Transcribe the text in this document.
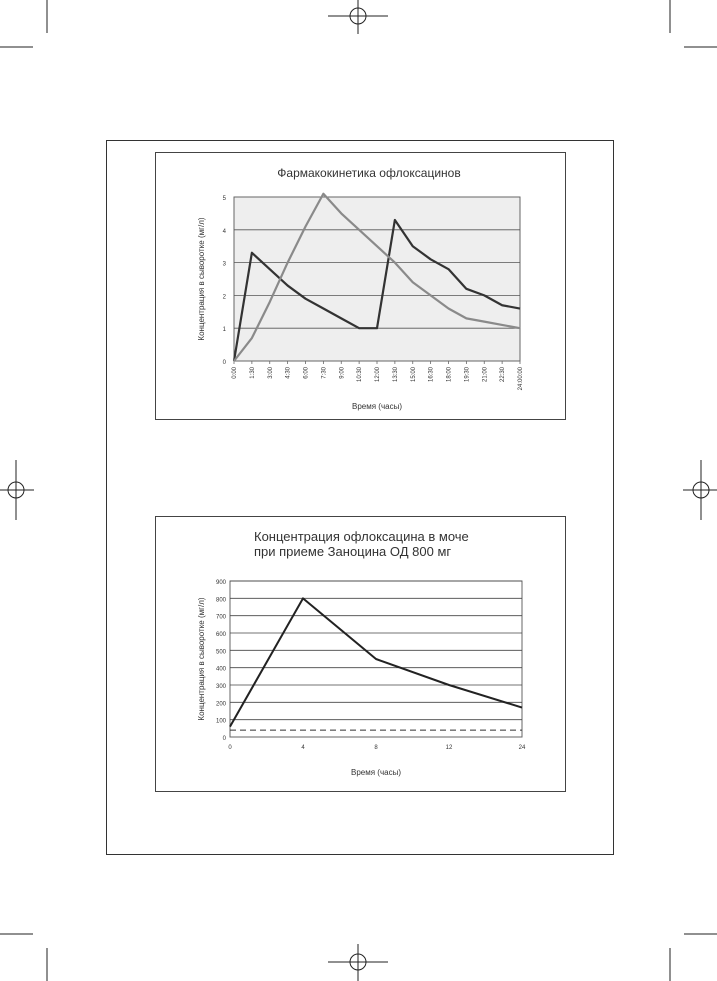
Фармакокинетика офлоксацинов
0
1
2
3
4
5
0:00 1:30 3:00 4:30 6:00 7:30 9:00 10:30 12:00 13:30 15:00 16:30 18:00 19:30 21:00 22:30 24:00:00
Время (часы)
Концентрация в сыворотке (мг/л)
Концентрация офлоксацина в моче
при приеме Заноцина ОД 800 мг
0
100
200
300
400
500
600
700
800
900
0	4	8	12	24
Время (часы)
Концентрация в сыворотке (мг/л)
